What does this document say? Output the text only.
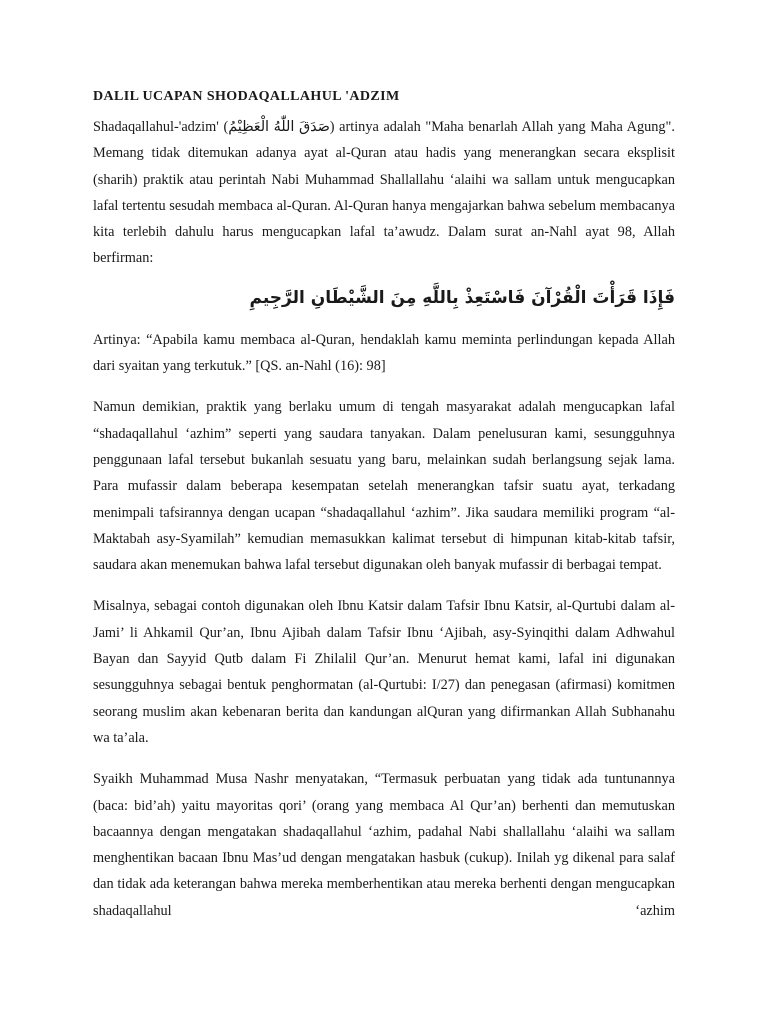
DALIL UCAPAN SHODAQALLAHUL 'ADZIM

Shadaqallahul-'adzim' (صَدَقَ اللّٰهُ الْعَظِيْمُ) artinya adalah "Maha benarlah Allah yang Maha Agung". Memang tidak ditemukan adanya ayat al-Quran atau hadis yang menerangkan secara eksplisit (sharih) praktik atau perintah Nabi Muhammad Shallallahu ‘alaihi wa sallam untuk mengucapkan lafal tertentu sesudah membaca al-Quran. Al-Quran hanya mengajarkan bahwa sebelum membacanya kita terlebih dahulu harus mengucapkan lafal ta’awudz. Dalam surat an-Nahl ayat 98, Allah berfirman:

فَإِذَا قَرَأْتَ الْقُرْآنَ فَاسْتَعِذْ بِاللَّهِ مِنَ الشَّيْطَانِ الرَّجِيمِ

Artinya: “Apabila kamu membaca al-Quran, hendaklah kamu meminta perlindungan kepada Allah dari syaitan yang terkutuk.” [QS. an-Nahl (16): 98]

Namun demikian, praktik yang berlaku umum di tengah masyarakat adalah mengucapkan lafal “shadaqallahul ‘azhim” seperti yang saudara tanyakan. Dalam penelusuran kami, sesungguhnya penggunaan lafal tersebut bukanlah sesuatu yang baru, melainkan sudah berlangsung sejak lama. Para mufassir dalam beberapa kesempatan setelah menerangkan tafsir suatu ayat, terkadang menimpali tafsirannya dengan ucapan “shadaqallahul ‘azhim”. Jika saudara memiliki program “al-Maktabah asy-Syamilah” kemudian memasukkan kalimat tersebut di himpunan kitab-kitab tafsir, saudara akan menemukan bahwa lafal tersebut digunakan oleh banyak mufassir di berbagai tempat.

Misalnya, sebagai contoh digunakan oleh Ibnu Katsir dalam Tafsir Ibnu Katsir, al-Qurtubi dalam al-Jami’ li Ahkamil Qur’an, Ibnu Ajibah dalam Tafsir Ibnu ‘Ajibah, asy-Syinqithi dalam Adhwahul Bayan dan Sayyid Qutb dalam Fi Zhilalil Qur’an. Menurut hemat kami, lafal ini digunakan sesungguhnya sebagai bentuk penghormatan (al-Qurtubi: I/27) dan penegasan (afirmasi) komitmen seorang muslim akan kebenaran berita dan kandungan alQuran yang difirmankan Allah Subhanahu wa ta’ala.

Syaikh Muhammad Musa Nashr menyatakan, “Termasuk perbuatan yang tidak ada tuntunannya (baca: bid’ah) yaitu mayoritas qori’ (orang yang membaca Al Qur’an) berhenti dan memutuskan bacaannya dengan mengatakan shadaqallahul ‘azhim, padahal Nabi shallallahu ‘alaihi wa sallam menghentikan bacaan Ibnu Mas’ud dengan mengatakan hasbuk (cukup). Inilah yg dikenal para salaf dan tidak ada keterangan bahwa mereka memberhentikan atau mereka berhenti dengan mengucapkan shadaqallahul ‘azhim
